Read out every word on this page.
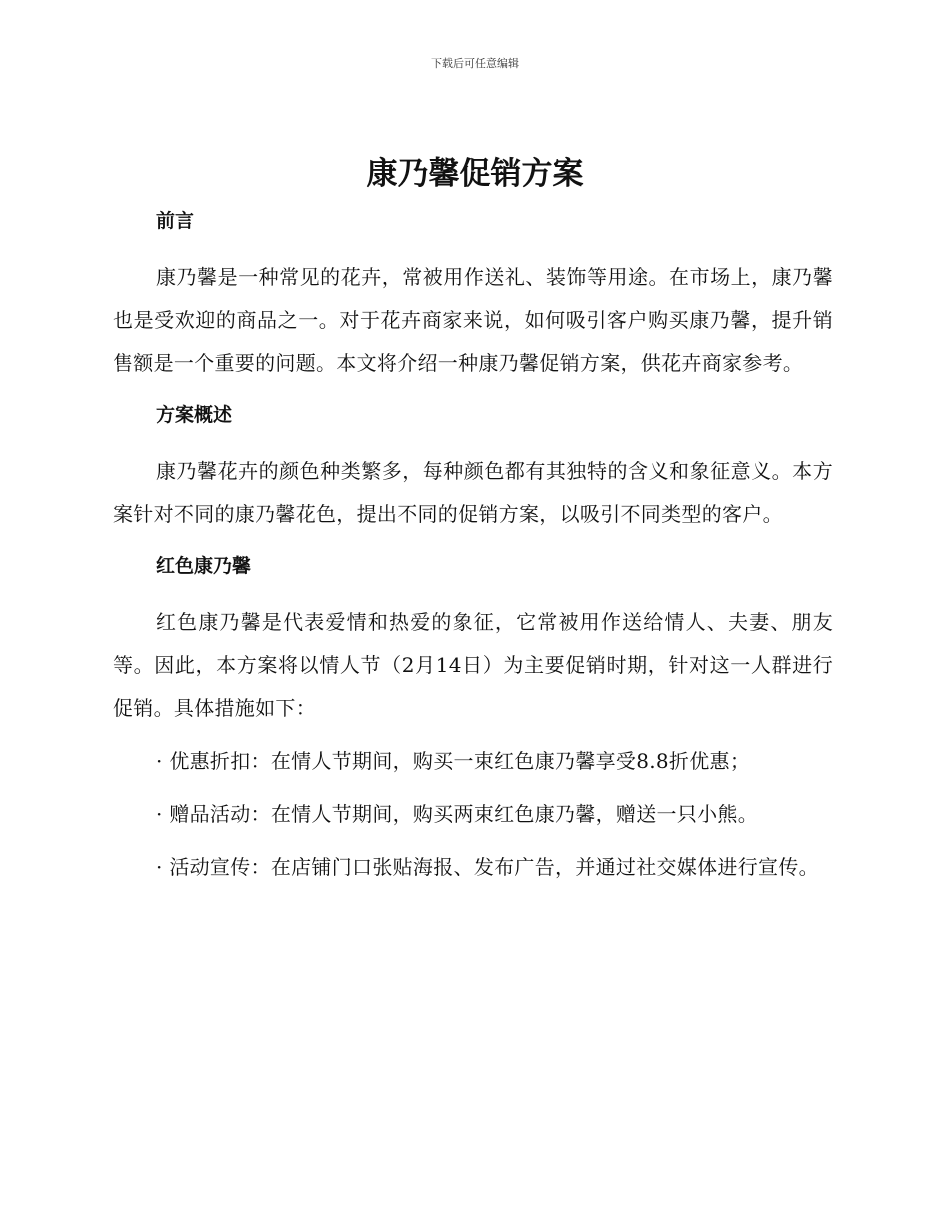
下载后可任意编辑
康乃馨促销方案
前言

康乃馨是一种常见的花卉，常被用作送礼、装饰等用途。在市场上，康乃馨也是受欢迎的商品之一。对于花卉商家来说，如何吸引客户购买康乃馨，提升销售额是一个重要的问题。本文将介绍一种康乃馨促销方案，供花卉商家参考。

方案概述

康乃馨花卉的颜色种类繁多，每种颜色都有其独特的含义和象征意义。本方案针对不同的康乃馨花色，提出不同的促销方案，以吸引不同类型的客户。

红色康乃馨

红色康乃馨是代表爱情和热爱的象征，它常被用作送给情人、夫妻、朋友等。因此，本方案将以情人节（2月14日）为主要促销时期，针对这一人群进行促销。具体措施如下：

· 优惠折扣：在情人节期间，购买一束红色康乃馨享受8.8折优惠；

· 赠品活动：在情人节期间，购买两束红色康乃馨，赠送一只小熊。

· 活动宣传：在店铺门口张贴海报、发布广告，并通过社交媒体进行宣传。
